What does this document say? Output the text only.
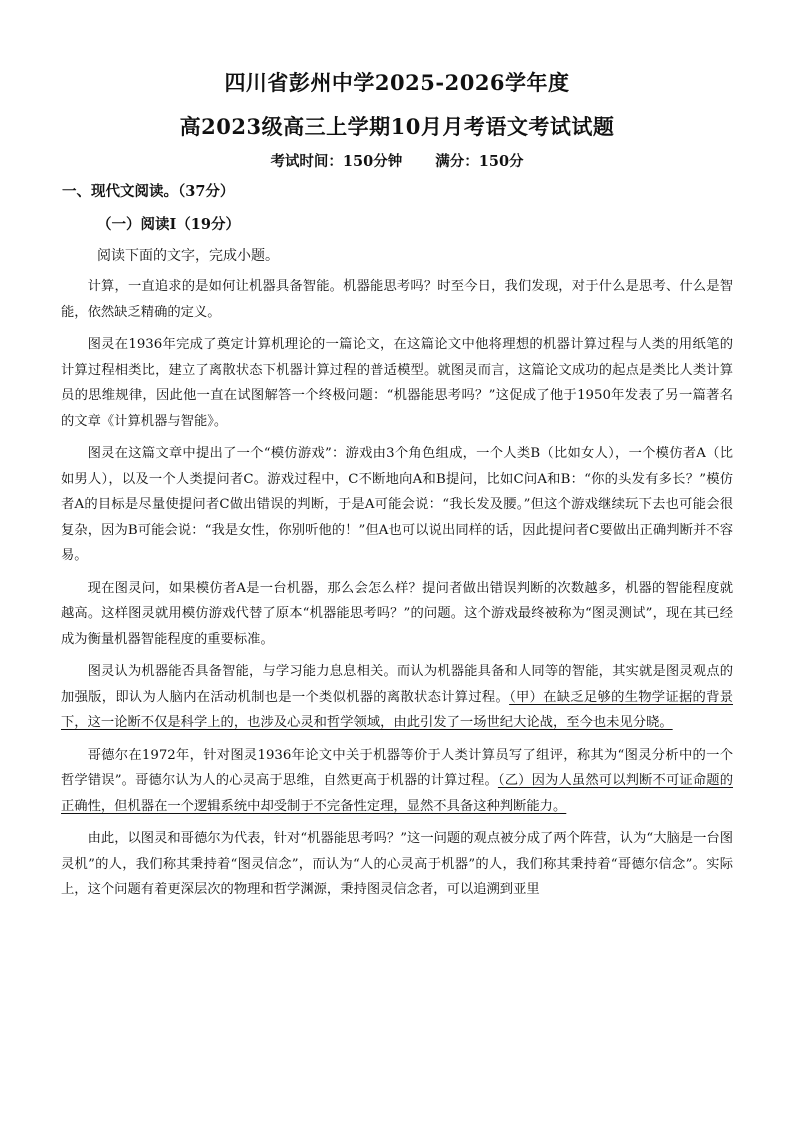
四川省彭州中学2025-2026学年度
高2023级高三上学期10月月考语文考试试题
考试时间：150分钟 满分：150分
一、现代文阅读。（37分）
（一）阅读I（19分）
阅读下面的文字，完成小题。

计算，一直追求的是如何让机器具备智能。机器能思考吗？时至今日，我们发现，对于什么是思考、什么是智能，依然缺乏精确的定义。

图灵在1936年完成了奠定计算机理论的一篇论文，在这篇论文中他将理想的机器计算过程与人类的用纸笔的计算过程相类比，建立了离散状态下机器计算过程的普适模型。就图灵而言，这篇论文成功的起点是类比人类计算员的思维规律，因此他一直在试图解答一个终极问题：“机器能思考吗？”这促成了他于1950年发表了另一篇著名的文章《计算机器与智能》。

图灵在这篇文章中提出了一个“模仿游戏”：游戏由3个角色组成，一个人类B（比如女人），一个模仿者A（比如男人），以及一个人类提问者C。游戏过程中，C不断地向A和B提问，比如C问A和B：“你的头发有多长？”模仿者A的目标是尽量使提问者C做出错误的判断，于是A可能会说：“我长发及腰。”但这个游戏继续玩下去也可能会很复杂，因为B可能会说：“我是女性，你别听他的！”但A也可以说出同样的话，因此提问者C要做出正确判断并不容易。

现在图灵问，如果模仿者A是一台机器，那么会怎么样？提问者做出错误判断的次数越多，机器的智能程度就越高。这样图灵就用模仿游戏代替了原本“机器能思考吗？”的问题。这个游戏最终被称为“图灵测试”，现在其已经成为衡量机器智能程度的重要标准。

图灵认为机器能否具备智能，与学习能力息息相关。而认为机器能具备和人同等的智能，其实就是图灵观点的加强版，即认为人脑内在活动机制也是一个类似机器的离散状态计算过程。（甲）在缺乏足够的生物学证据的背景下，这一论断不仅是科学上的，也涉及心灵和哲学领域，由此引发了一场世纪大论战，至今也未见分晓。

哥德尔在1972年，针对图灵1936年论文中关于机器等价于人类计算员写了组评，称其为“图灵分析中的一个哲学错误”。哥德尔认为人的心灵高于思维，自然更高于机器的计算过程。（乙）因为人虽然可以判断不可证命题的正确性，但机器在一个逻辑系统中却受制于不完备性定理，显然不具备这种判断能力。

由此，以图灵和哥德尔为代表，针对“机器能思考吗？”这一问题的观点被分成了两个阵营，认为“大脑是一台图灵机”的人，我们称其秉持着“图灵信念”，而认为“人的心灵高于机器”的人，我们称其秉持着“哥德尔信念”。实际上，这个问题有着更深层次的物理和哲学渊源，秉持图灵信念者，可以追溯到亚里
